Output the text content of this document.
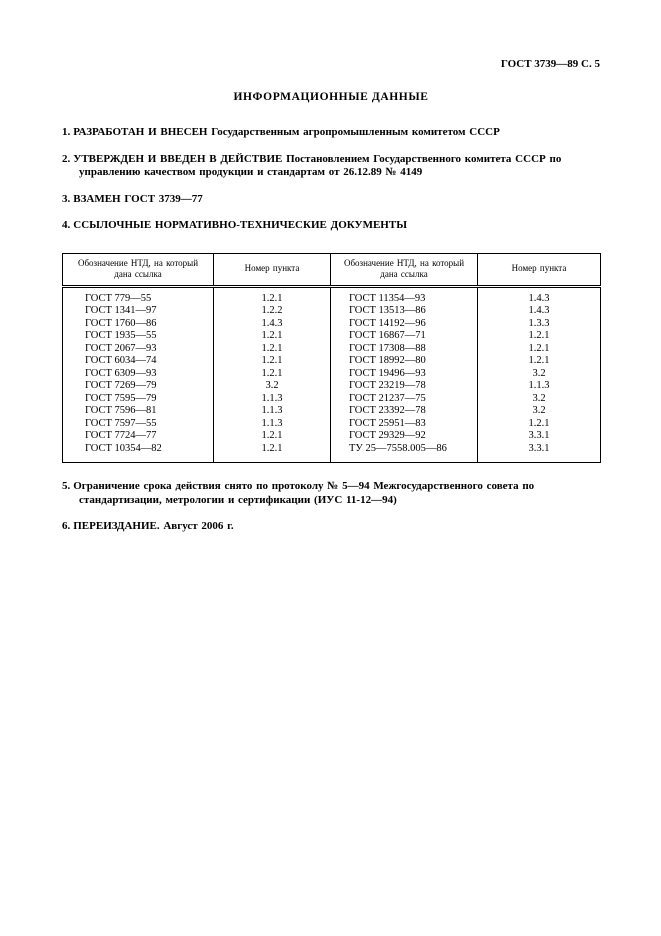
ГОСТ 3739—89 С. 5
ИНФОРМАЦИОННЫЕ ДАННЫЕ

1. РАЗРАБОТАН И ВНЕСЕН Государственным агропромышленным комитетом СССР

2. УТВЕРЖДЕН И ВВЕДЕН В ДЕЙСТВИЕ Постановлением Государственного комитета СССР по управлению качеством продукции и стандартам от 26.12.89 № 4149

3. ВЗАМЕН ГОСТ 3739—77

4. ССЫЛОЧНЫЕ НОРМАТИВНО-ТЕХНИЧЕСКИЕ ДОКУМЕНТЫ

Обозначение НТД, на который дана ссылка	Номер пункта	Обозначение НТД, на который дана ссылка	Номер пункта
ГОСТ 779—55	1.2.1	ГОСТ 11354—93	1.4.3
ГОСТ 1341—97	1.2.2	ГОСТ 13513—86	1.4.3
ГОСТ 1760—86	1.4.3	ГОСТ 14192—96	1.3.3
ГОСТ 1935—55	1.2.1	ГОСТ 16867—71	1.2.1
ГОСТ 2067—93	1.2.1	ГОСТ 17308—88	1.2.1
ГОСТ 6034—74	1.2.1	ГОСТ 18992—80	1.2.1
ГОСТ 6309—93	1.2.1	ГОСТ 19496—93	3.2
ГОСТ 7269—79	3.2	ГОСТ 23219—78	1.1.3
ГОСТ 7595—79	1.1.3	ГОСТ 21237—75	3.2
ГОСТ 7596—81	1.1.3	ГОСТ 23392—78	3.2
ГОСТ 7597—55	1.1.3	ГОСТ 25951—83	1.2.1
ГОСТ 7724—77	1.2.1	ГОСТ 29329—92	3.3.1
ГОСТ 10354—82	1.2.1	ТУ 25—7558.005—86	3.3.1

5. Ограничение срока действия снято по протоколу № 5—94 Межгосударственного совета по стандартизации, метрологии и сертификации (ИУС 11-12—94)

6. ПЕРЕИЗДАНИЕ. Август 2006 г.
